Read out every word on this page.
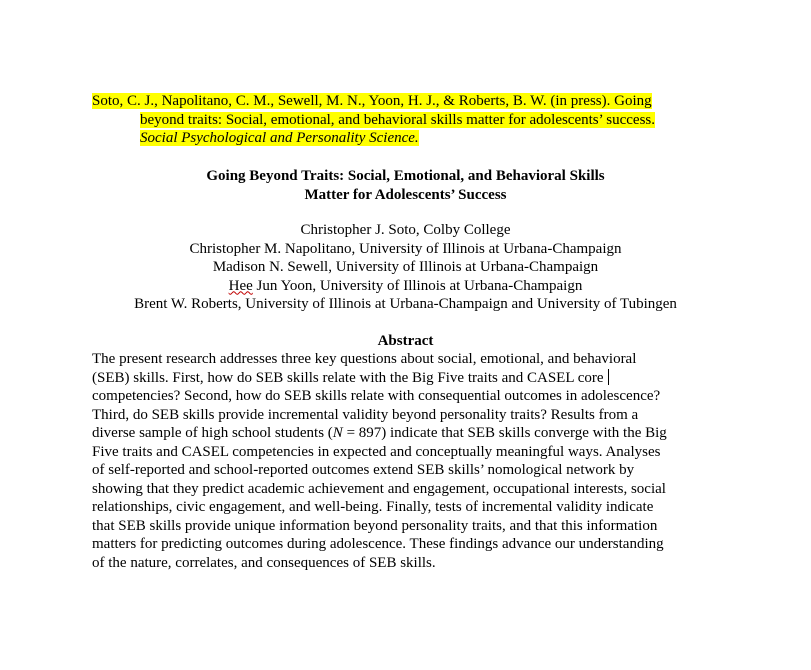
Soto, C. J., Napolitano, C. M., Sewell, M. N., Yoon, H. J., & Roberts, B. W. (in press). Going
beyond traits: Social, emotional, and behavioral skills matter for adolescents’ success.
Social Psychological and Personality Science.
Going Beyond Traits: Social, Emotional, and Behavioral Skills
Matter for Adolescents’ Success
Christopher J. Soto, Colby College
Christopher M. Napolitano, University of Illinois at Urbana-Champaign
Madison N. Sewell, University of Illinois at Urbana-Champaign
Hee Jun Yoon, University of Illinois at Urbana-Champaign
Brent W. Roberts, University of Illinois at Urbana-Champaign and University of Tubingen
Abstract
The present research addresses three key questions about social, emotional, and behavioral
(SEB) skills. First, how do SEB skills relate with the Big Five traits and CASEL core
competencies? Second, how do SEB skills relate with consequential outcomes in adolescence?
Third, do SEB skills provide incremental validity beyond personality traits? Results from a
diverse sample of high school students (N = 897) indicate that SEB skills converge with the Big
Five traits and CASEL competencies in expected and conceptually meaningful ways. Analyses
of self-reported and school-reported outcomes extend SEB skills’ nomological network by
showing that they predict academic achievement and engagement, occupational interests, social
relationships, civic engagement, and well-being. Finally, tests of incremental validity indicate
that SEB skills provide unique information beyond personality traits, and that this information
matters for predicting outcomes during adolescence. These findings advance our understanding
of the nature, correlates, and consequences of SEB skills.
